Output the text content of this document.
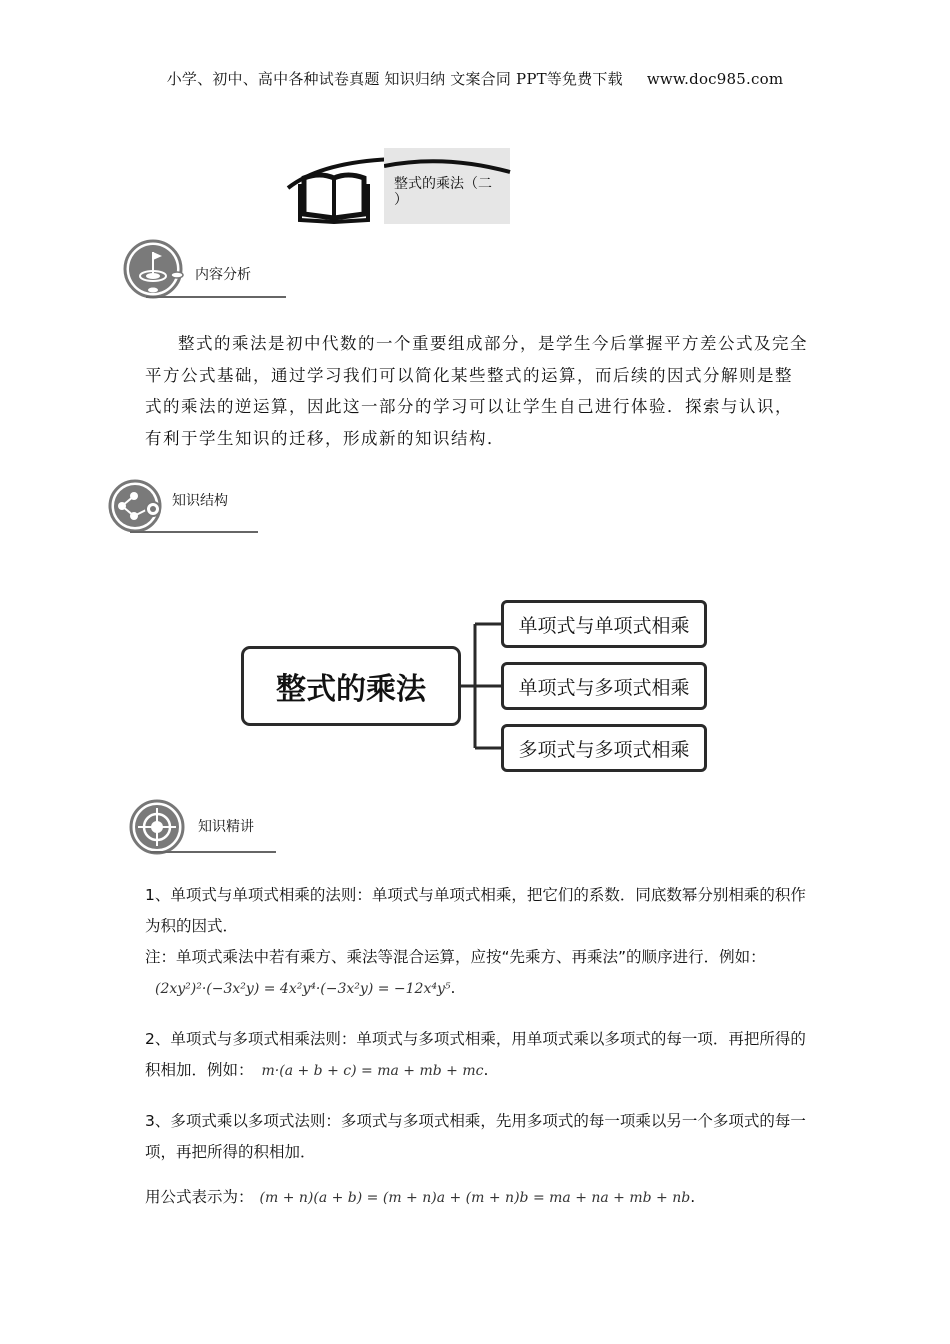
小学、初中、高中各种试卷真题 知识归纳 文案合同 PPT等免费下载 www.doc985.com
整式的乘法（二
）
内容分析

整式的乘法是初中代数的一个重要组成部分，是学生今后掌握平方差公式及完全平方公式基础，通过学习我们可以简化某些整式的运算，而后续的因式分解则是整式的乘法的逆运算，因此这一部分的学习可以让学生自己进行体验．探索与认识，有利于学生知识的迁移，形成新的知识结构．

知识结构
整式的乘法
单项式与单项式相乘
单项式与多项式相乘
多项式与多项式相乘
知识精讲

1、单项式与单项式相乘的法则：单项式与单项式相乘，把它们的系数．同底数幂分别相乘的积作为积的因式．

注：单项式乘法中若有乘方、乘法等混合运算，应按“先乘方、再乘法”的顺序进行．例如：(2xy²)²·(−3x²y) = 4x²y⁴·(−3x²y) = −12x⁴y⁵.

2、单项式与多项式相乘法则：单项式与多项式相乘，用单项式乘以多项式的每一项．再把所得的积相加．例如： m·(a + b + c) = ma + mb + mc.

3、多项式乘以多项式法则：多项式与多项式相乘，先用多项式的每一项乘以另一个多项式的每一项，再把所得的积相加．

用公式表示为： (m + n)(a + b) = (m + n)a + (m + n)b = ma + na + mb + nb.
